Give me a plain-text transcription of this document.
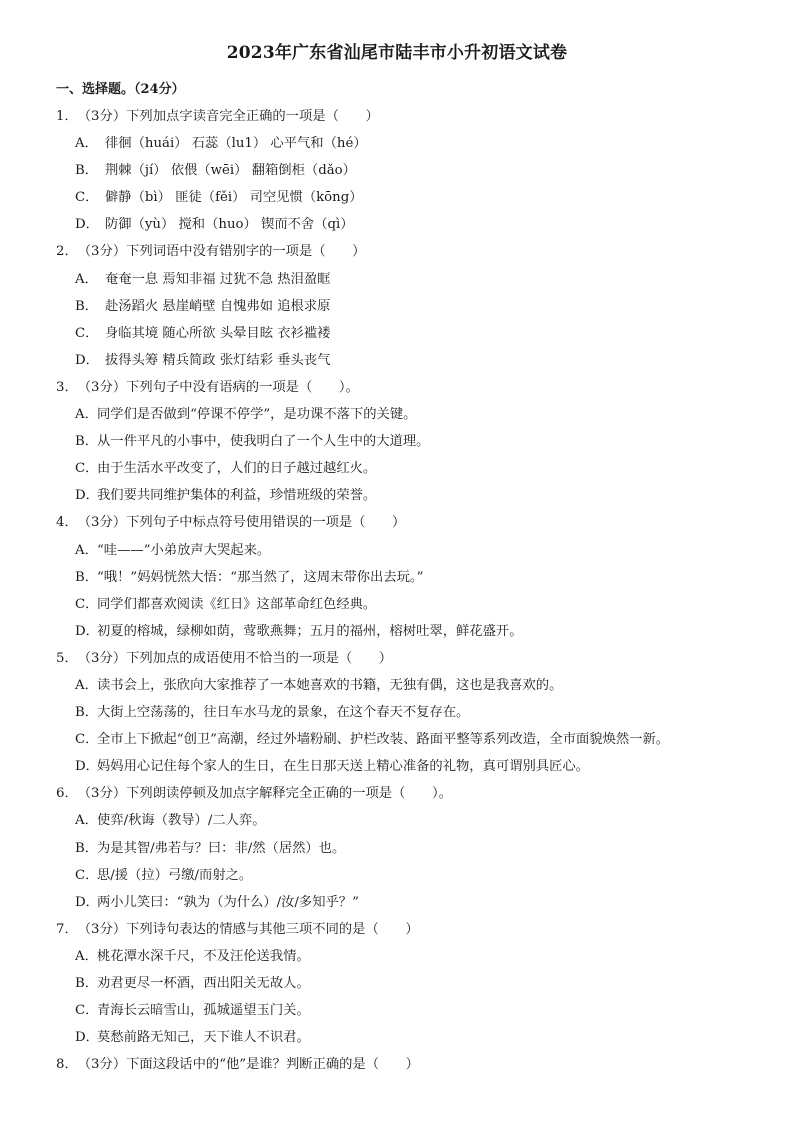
2023年广东省汕尾市陆丰市小升初语文试卷
一、选择题。（24分）
1．（3分）下列加点字读音完全正确的一项是（　　）
A． 徘徊（huái） 石蕊（lu1） 心平气和（hé）
B． 荆棘（jí） 依偎（wēi） 翻箱倒柜（dǎo）
C． 僻静（bì） 匪徒（fěi） 司空见惯（kōng）
D． 防御（yù） 搅和（huo） 锲而不舍（qì）
2．（3分）下列词语中没有错别字的一项是（　　）
A． 奄奄一息 焉知非福 过犹不急 热泪盈眶
B． 赴汤蹈火 悬崖峭壁 自愧弗如 追根求原
C． 身临其境 随心所欲 头晕目眩 衣衫褴褛
D． 拔得头筹 精兵简政 张灯结彩 垂头丧气
3．（3分）下列句子中没有语病的一项是（　　）。
A．同学们是否做到“停课不停学”，是功课不落下的关键。
B．从一件平凡的小事中，使我明白了一个人生中的大道理。
C．由于生活水平改变了，人们的日子越过越红火。
D．我们要共同维护集体的利益，珍惜班级的荣誉。
4．（3分）下列句子中标点符号使用错误的一项是（　　）
A．“哇——”小弟放声大哭起来。
B．“哦！”妈妈恍然大悟：“那当然了，这周末带你出去玩。”
C．同学们都喜欢阅读《红日》这部革命红色经典。
D．初夏的榕城，绿柳如荫，莺歌燕舞；五月的福州，榕树吐翠，鲜花盛开。
5．（3分）下列加点的成语使用不恰当的一项是（　　）
A．读书会上，张欣向大家推荐了一本她喜欢的书籍，无独有偶，这也是我喜欢的。
B．大街上空荡荡的，往日车水马龙的景象，在这个春天不复存在。
C．全市上下掀起“创卫”高潮，经过外墙粉刷、护栏改装、路面平整等系列改造，全市面貌焕然一新。
D．妈妈用心记住每个家人的生日，在生日那天送上精心准备的礼物，真可谓别具匠心。
6．（3分）下列朗读停顿及加点字解释完全正确的一项是（　　）。
A．使弈/秋诲（教导）/二人弈。
B．为是其智/弗若与？曰：非/然（居然）也。
C．思/援（拉）弓缴/而射之。
D．两小儿笑曰：“孰为（为什么）/汝/多知乎？”
7．（3分）下列诗句表达的情感与其他三项不同的是（　　）
A．桃花潭水深千尺，不及汪伦送我情。
B．劝君更尽一杯酒，西出阳关无故人。
C．青海长云暗雪山，孤城遥望玉门关。
D．莫愁前路无知己，天下谁人不识君。
8．（3分）下面这段话中的“他”是谁？判断正确的是（　　）
